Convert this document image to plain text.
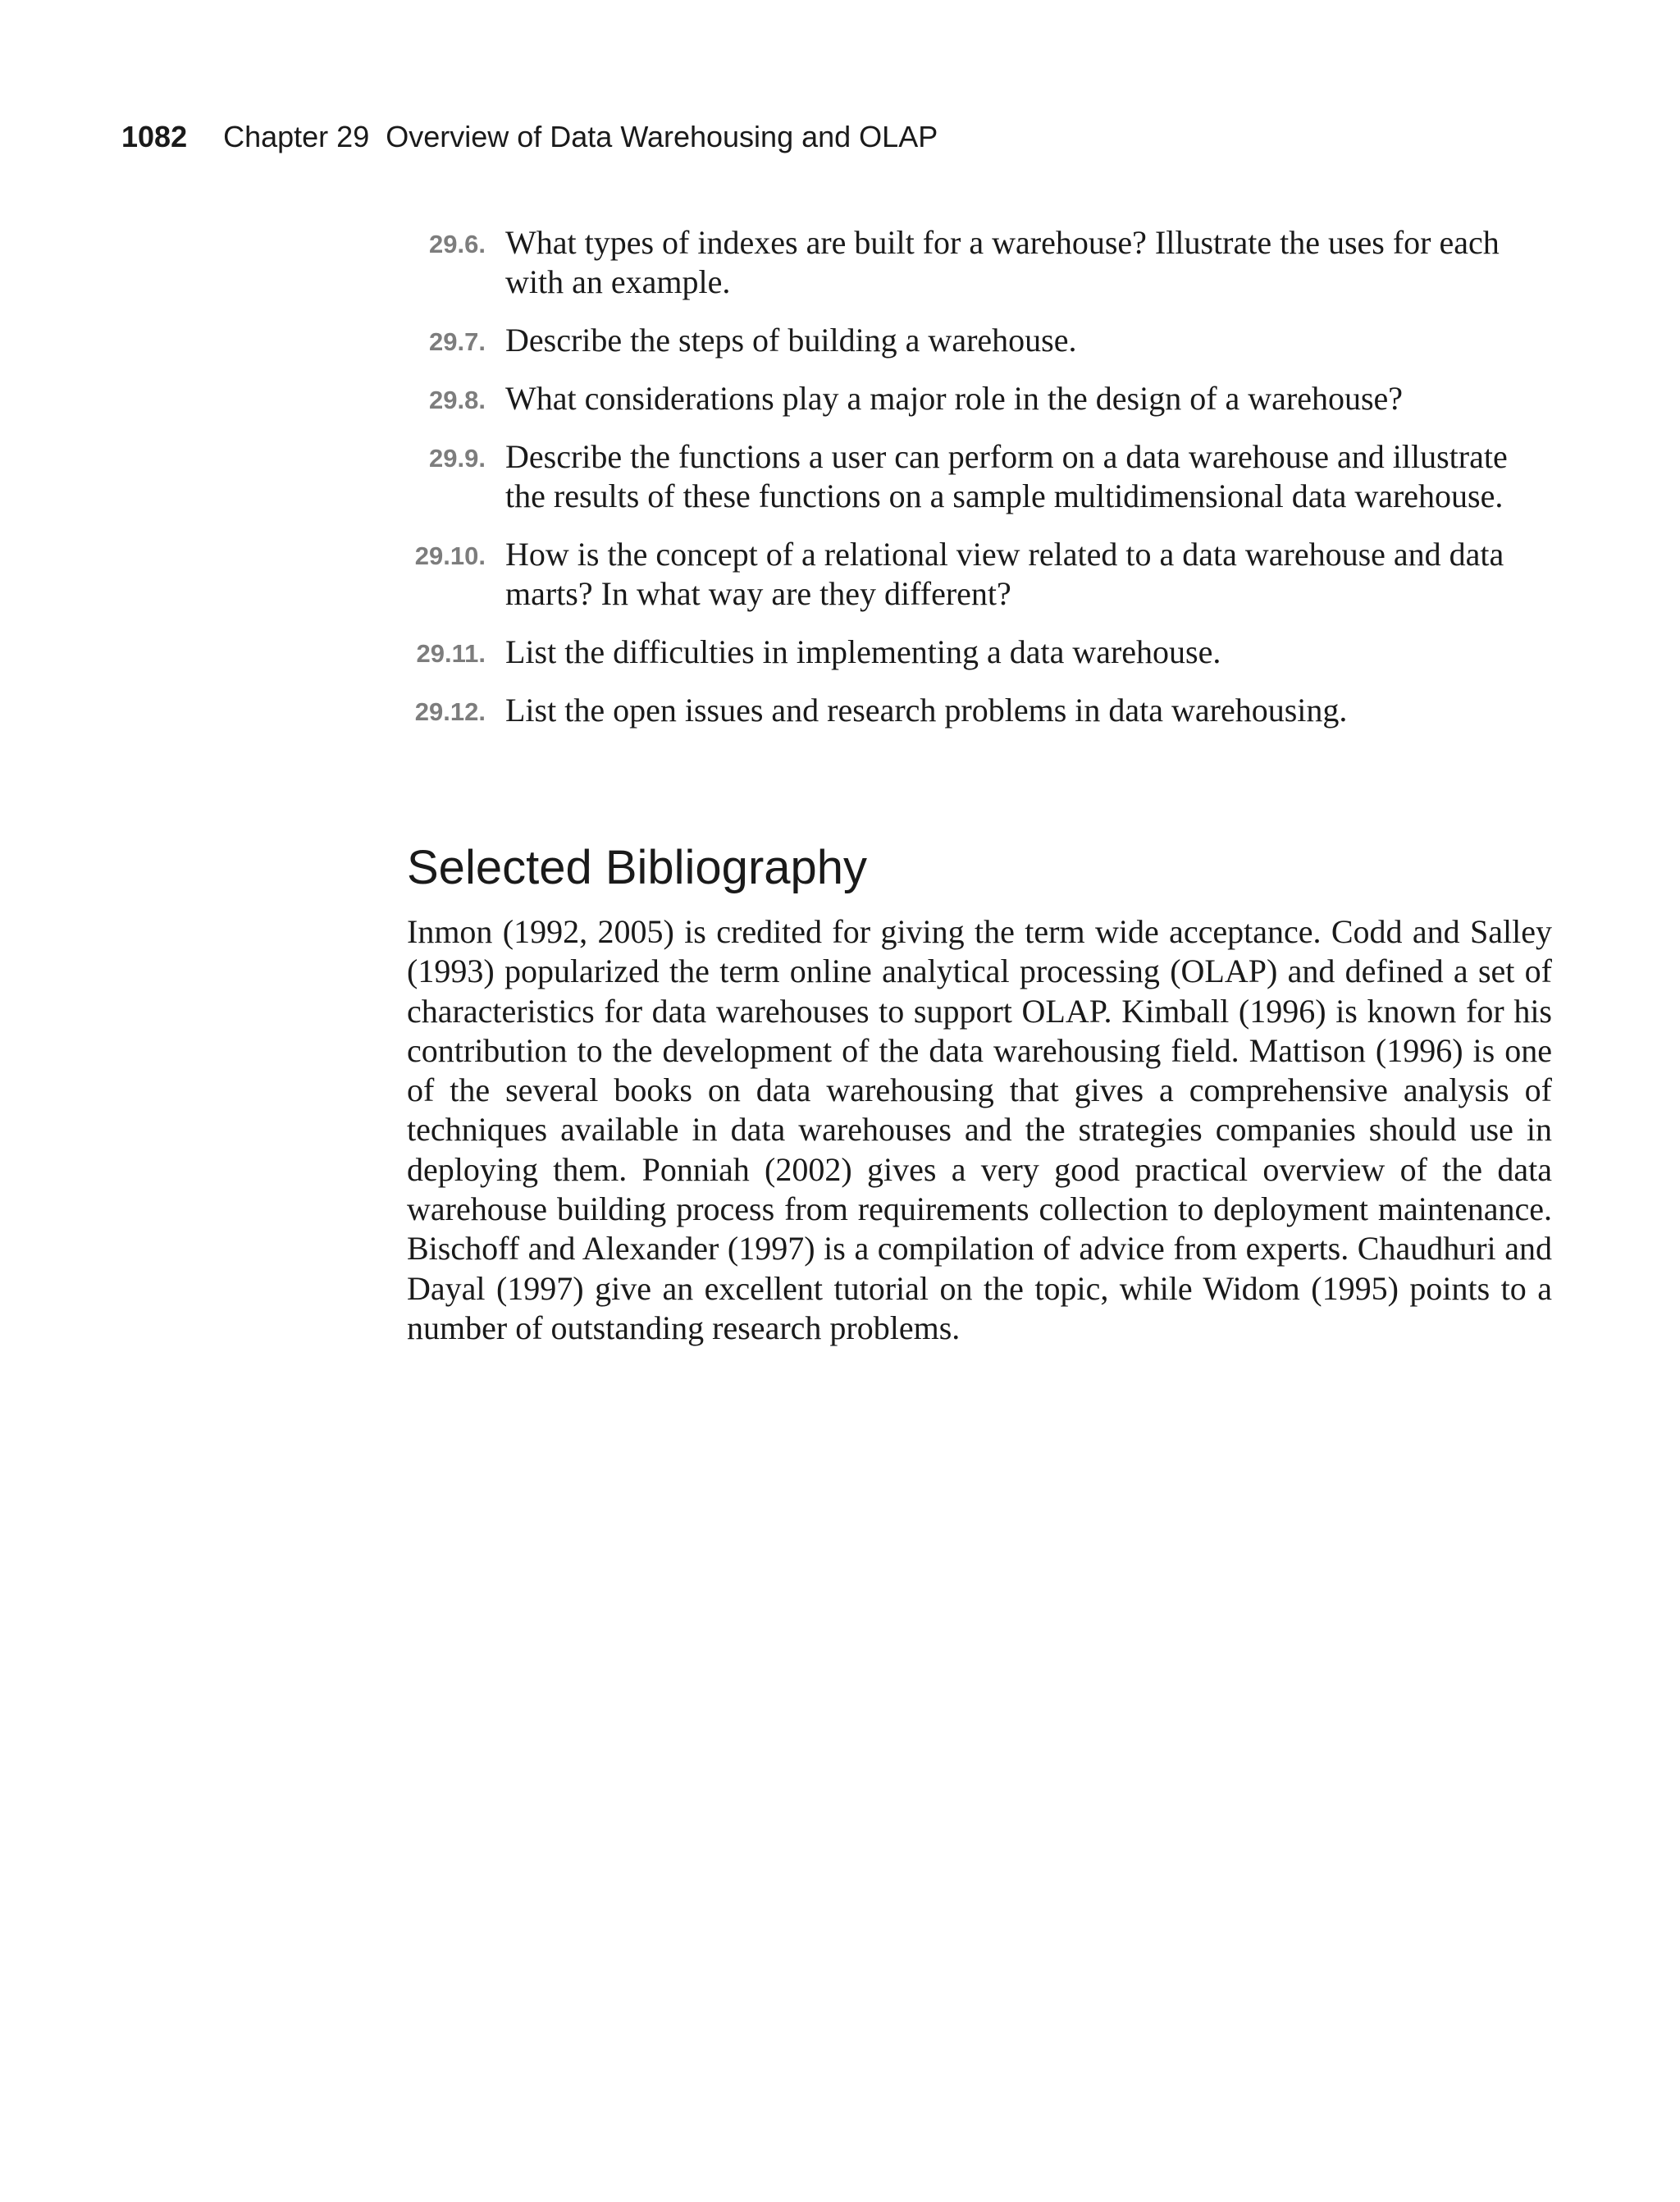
1082 Chapter 29  Overview of Data Warehousing and OLAP
29.6. What types of indexes are built for a warehouse? Illustrate the uses for each with an example.
29.7. Describe the steps of building a warehouse.
29.8. What considerations play a major role in the design of a warehouse?
29.9. Describe the functions a user can perform on a data warehouse and illustrate the results of these functions on a sample multidimensional data warehouse.
29.10. How is the concept of a relational view related to a data warehouse and data marts? In what way are they different?
29.11. List the difficulties in implementing a data warehouse.
29.12. List the open issues and research problems in data warehousing.
Selected Bibliography

Inmon (1992, 2005) is credited for giving the term wide acceptance. Codd and Salley (1993) popularized the term online analytical processing (OLAP) and defined a set of characteristics for data warehouses to support OLAP. Kimball (1996) is known for his contribution to the development of the data warehousing field. Mattison (1996) is one of the several books on data warehousing that gives a comprehensive analysis of techniques available in data warehouses and the strategies companies should use in deploying them. Ponniah (2002) gives a very good practical overview of the data warehouse building process from requirements collection to deployment maintenance. Bischoff and Alexander (1997) is a compilation of advice from experts. Chaudhuri and Dayal (1997) give an excellent tutorial on the topic, while Widom (1995) points to a number of outstanding research problems.
